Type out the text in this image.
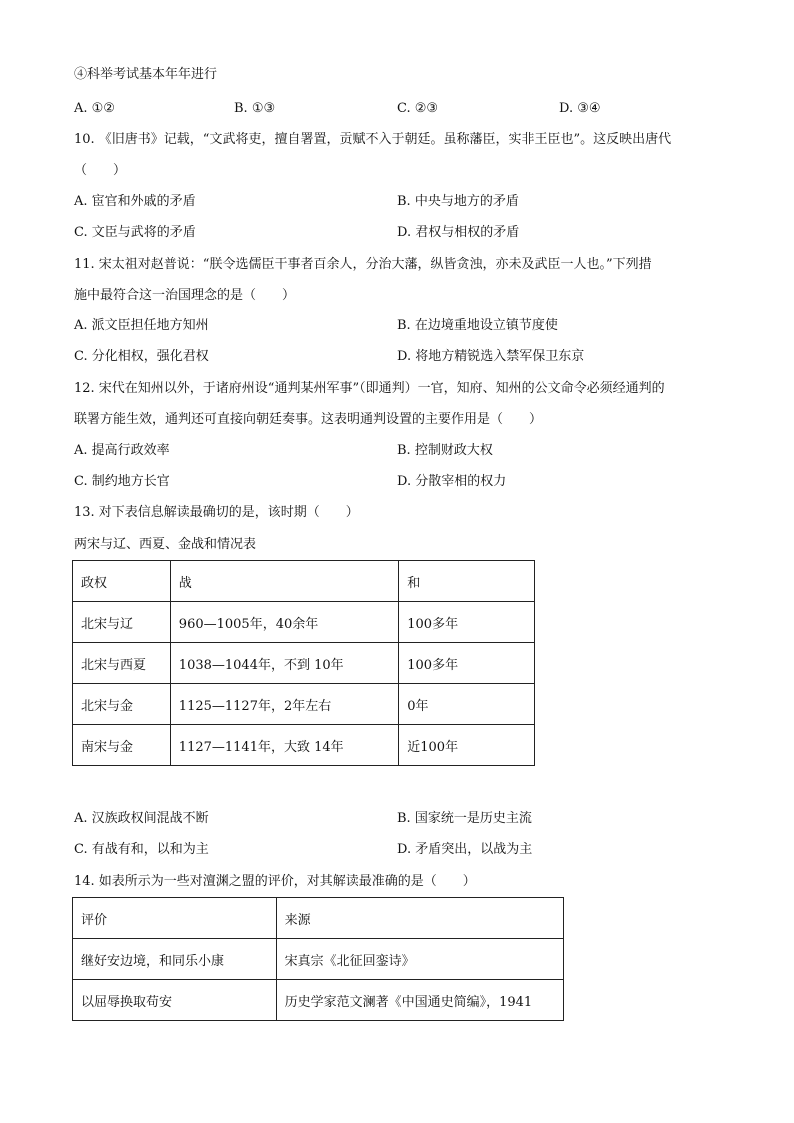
④科举考试基本年年进行
A. ①②	B. ①③	C. ②③	D. ③④
10. 《旧唐书》记载，“文武将吏，擅自署置，贡赋不入于朝廷。虽称藩臣，实非王臣也”。这反映出唐代
（　　）
A. 宦官和外戚的矛盾	B. 中央与地方的矛盾
C. 文臣与武将的矛盾	D. 君权与相权的矛盾
11. 宋太祖对赵普说：“朕令选儒臣干事者百余人，分治大藩，纵皆贪浊，亦未及武臣一人也。”下列措
施中最符合这一治国理念的是（　　）
A. 派文臣担任地方知州	B. 在边境重地设立镇节度使
C. 分化相权，强化君权	D. 将地方精锐选入禁军保卫东京
12. 宋代在知州以外，于诸府州设“通判某州军事”（即通判）一官，知府、知州的公文命令必须经通判的
联署方能生效，通判还可直接向朝廷奏事。这表明通判设置的主要作用是（　　）
A. 提高行政效率	B. 控制财政大权
C. 制约地方长官	D. 分散宰相的权力
13. 对下表信息解读最确切的是，该时期（　　）
两宋与辽、西夏、金战和情况表
政权	战	和
北宋与辽	960—1005年，40余年	100多年
北宋与西夏	1038—1044年，不到 10年	100多年
北宋与金	1125—1127年，2年左右	0年
南宋与金	1127—1141年，大致 14年	近100年
A. 汉族政权间混战不断	B. 国家统一是历史主流
C. 有战有和，以和为主	D. 矛盾突出，以战为主
14. 如表所示为一些对澶渊之盟的评价，对其解读最准确的是（　　）
评价	来源
继好安边境，和同乐小康	宋真宗《北征回銮诗》
以屈辱换取苟安	历史学家范文澜著《中国通史简编》，1941
